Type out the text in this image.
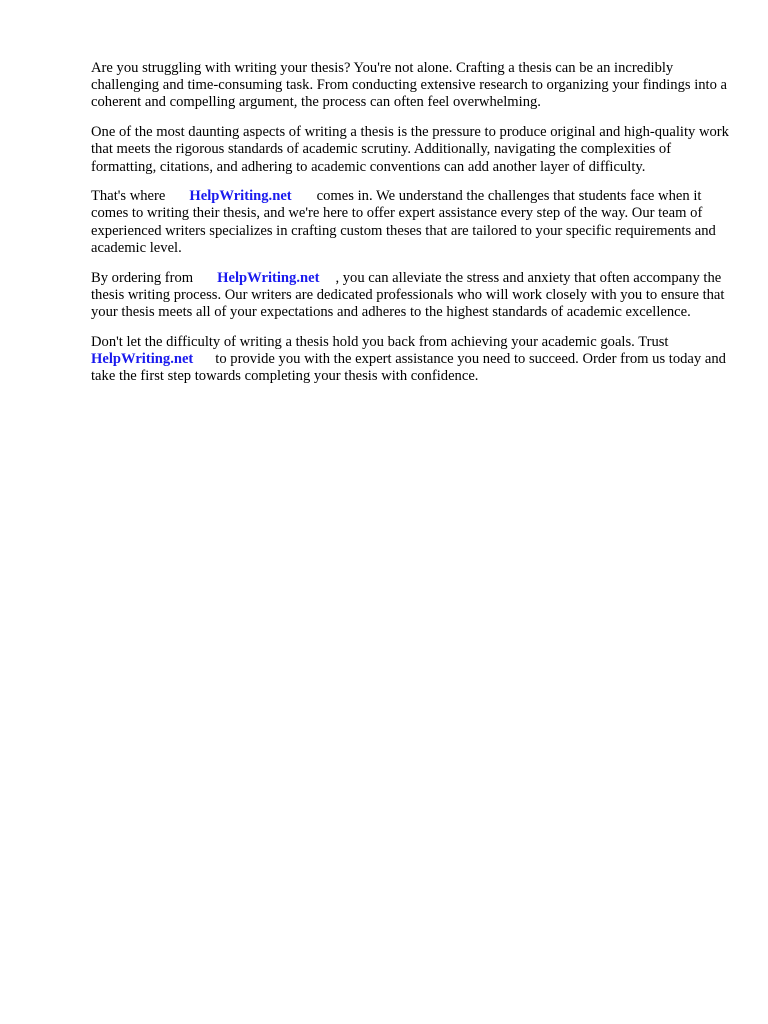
Are you struggling with writing your thesis? You're not alone. Crafting a thesis can be an incredibly challenging and time-consuming task. From conducting extensive research to organizing your findings into a coherent and compelling argument, the process can often feel overwhelming.

One of the most daunting aspects of writing a thesis is the pressure to produce original and high-quality work that meets the rigorous standards of academic scrutiny. Additionally, navigating the complexities of formatting, citations, and adhering to academic conventions can add another layer of difficulty.

That's where HelpWriting.net comes in. We understand the challenges that students face when it comes to writing their thesis, and we're here to offer expert assistance every step of the way. Our team of experienced writers specializes in crafting custom theses that are tailored to your specific requirements and academic level.

By ordering from HelpWriting.net , you can alleviate the stress and anxiety that often accompany the thesis writing process. Our writers are dedicated professionals who will work closely with you to ensure that your thesis meets all of your expectations and adheres to the highest standards of academic excellence.

Don't let the difficulty of writing a thesis hold you back from achieving your academic goals. TrustHelpWriting.net to provide you with the expert assistance you need to succeed. Order from us today and take the first step towards completing your thesis with confidence.
